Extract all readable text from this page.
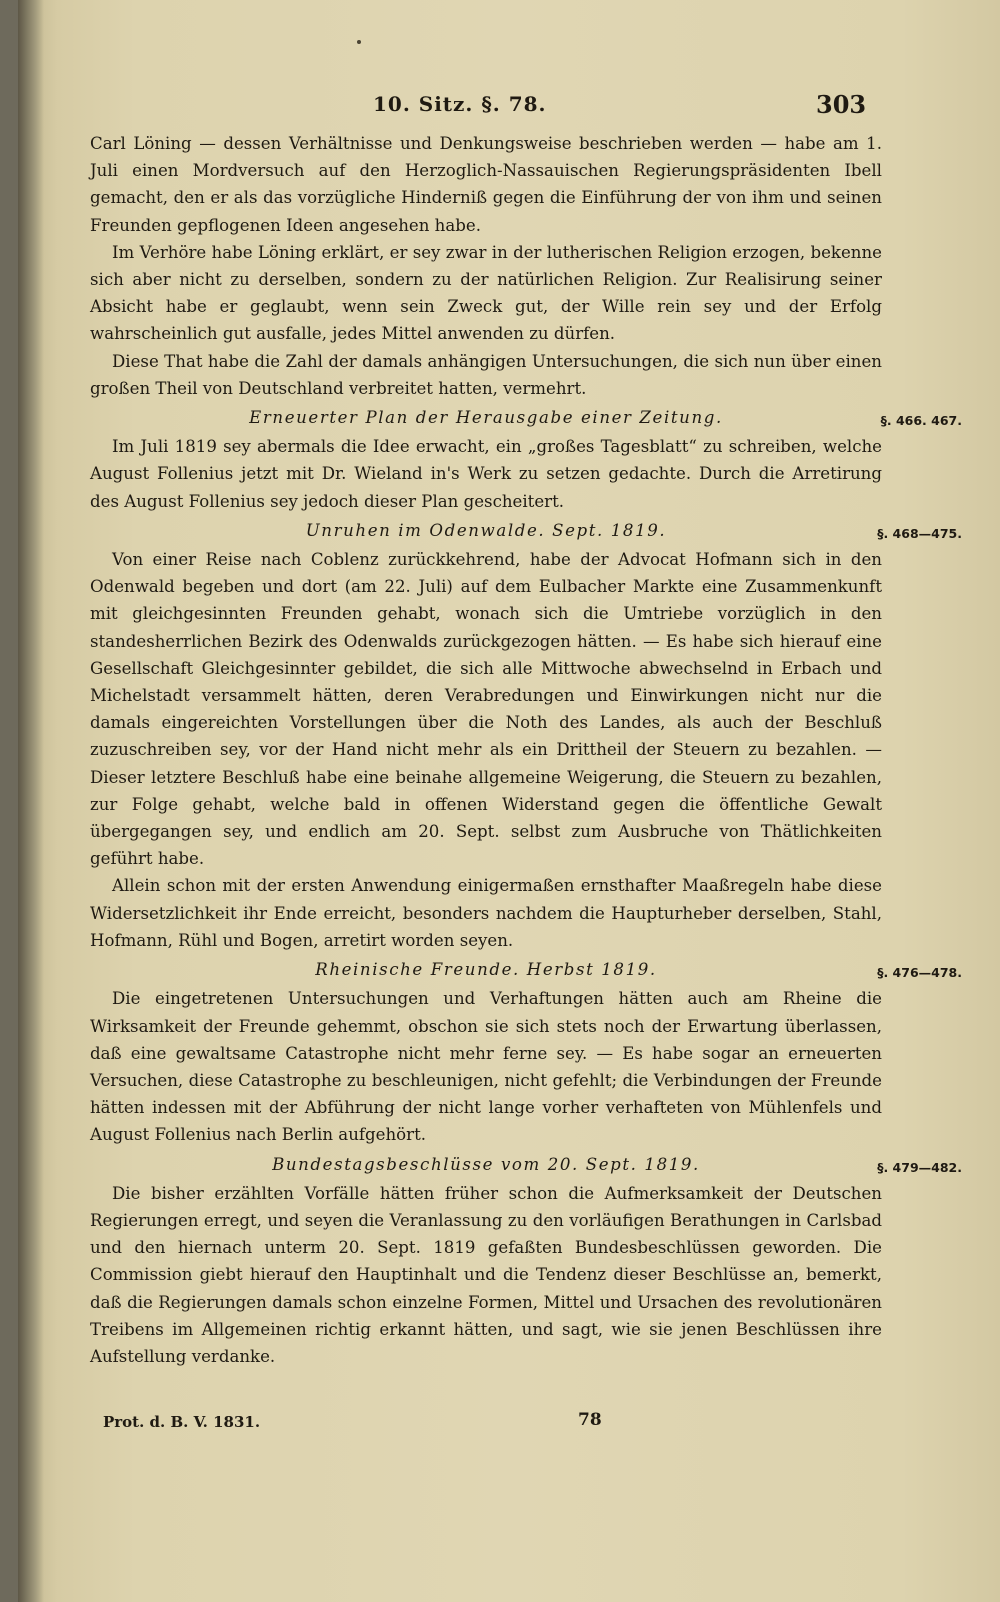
10. Sitz. §. 78.	303

Carl Löning — dessen Verhältnisse und Denkungsweise beschrieben werden — habe am 1. Juli einen Mordversuch auf den Herzoglich-Nassauischen Regierungspräsidenten Ibell gemacht, den er als das vorzügliche Hinderniß gegen die Einführung der von ihm und seinen Freunden gepflogenen Ideen angesehen habe.

Im Verhöre habe Löning erklärt, er sey zwar in der lutherischen Religion erzogen, bekenne sich aber nicht zu derselben, sondern zu der natürlichen Religion. Zur Realisirung seiner Absicht habe er geglaubt, wenn sein Zweck gut, der Wille rein sey und der Erfolg wahrscheinlich gut ausfalle, jedes Mittel anwenden zu dürfen.

Diese That habe die Zahl der damals anhängigen Untersuchungen, die sich nun über einen großen Theil von Deutschland verbreitet hatten, vermehrt.

Erneuerter Plan der Herausgabe einer Zeitung.	§. 466. 467.

Im Juli 1819 sey abermals die Idee erwacht, ein „großes Tagesblatt“ zu schreiben, welche August Follenius jetzt mit Dr. Wieland in's Werk zu setzen gedachte. Durch die Arretirung des August Follenius sey jedoch dieser Plan gescheitert.

Unruhen im Odenwalde. Sept. 1819.	§. 468—475.

Von einer Reise nach Coblenz zurückkehrend, habe der Advocat Hofmann sich in den Odenwald begeben und dort (am 22. Juli) auf dem Eulbacher Markte eine Zusammenkunft mit gleichgesinnten Freunden gehabt, wonach sich die Umtriebe vorzüglich in den standesherrlichen Bezirk des Odenwalds zurückgezogen hätten. — Es habe sich hierauf eine Gesellschaft Gleichgesinnter gebildet, die sich alle Mittwoche abwechselnd in Erbach und Michelstadt versammelt hätten, deren Verabredungen und Einwirkungen nicht nur die damals eingereichten Vorstellungen über die Noth des Landes, als auch der Beschluß zuzuschreiben sey, vor der Hand nicht mehr als ein Drittheil der Steuern zu bezahlen. — Dieser letztere Beschluß habe eine beinahe allgemeine Weigerung, die Steuern zu bezahlen, zur Folge gehabt, welche bald in offenen Widerstand gegen die öffentliche Gewalt übergegangen sey, und endlich am 20. Sept. selbst zum Ausbruche von Thätlichkeiten geführt habe.

Allein schon mit der ersten Anwendung einigermaßen ernsthafter Maaßregeln habe diese Widersetzlichkeit ihr Ende erreicht, besonders nachdem die Haupturheber derselben, Stahl, Hofmann, Rühl und Bogen, arretirt worden seyen.

Rheinische Freunde. Herbst 1819.	§. 476—478.

Die eingetretenen Untersuchungen und Verhaftungen hätten auch am Rheine die Wirksamkeit der Freunde gehemmt, obschon sie sich stets noch der Erwartung überlassen, daß eine gewaltsame Catastrophe nicht mehr ferne sey. — Es habe sogar an erneuerten Versuchen, diese Catastrophe zu beschleunigen, nicht gefehlt; die Verbindungen der Freunde hätten indessen mit der Abführung der nicht lange vorher verhafteten von Mühlenfels und August Follenius nach Berlin aufgehört.

Bundestagsbeschlüsse vom 20. Sept. 1819.	§. 479—482.

Die bisher erzählten Vorfälle hätten früher schon die Aufmerksamkeit der Deutschen Regierungen erregt, und seyen die Veranlassung zu den vorläufigen Berathungen in Carlsbad und den hiernach unterm 20. Sept. 1819 gefaßten Bundesbeschlüssen geworden. Die Commission giebt hierauf den Hauptinhalt und die Tendenz dieser Beschlüsse an, bemerkt, daß die Regierungen damals schon einzelne Formen, Mittel und Ursachen des revolutionären Treibens im Allgemeinen richtig erkannt hätten, und sagt, wie sie jenen Beschlüssen ihre Aufstellung verdanke.

Prot. d. B. V. 1831.	78
